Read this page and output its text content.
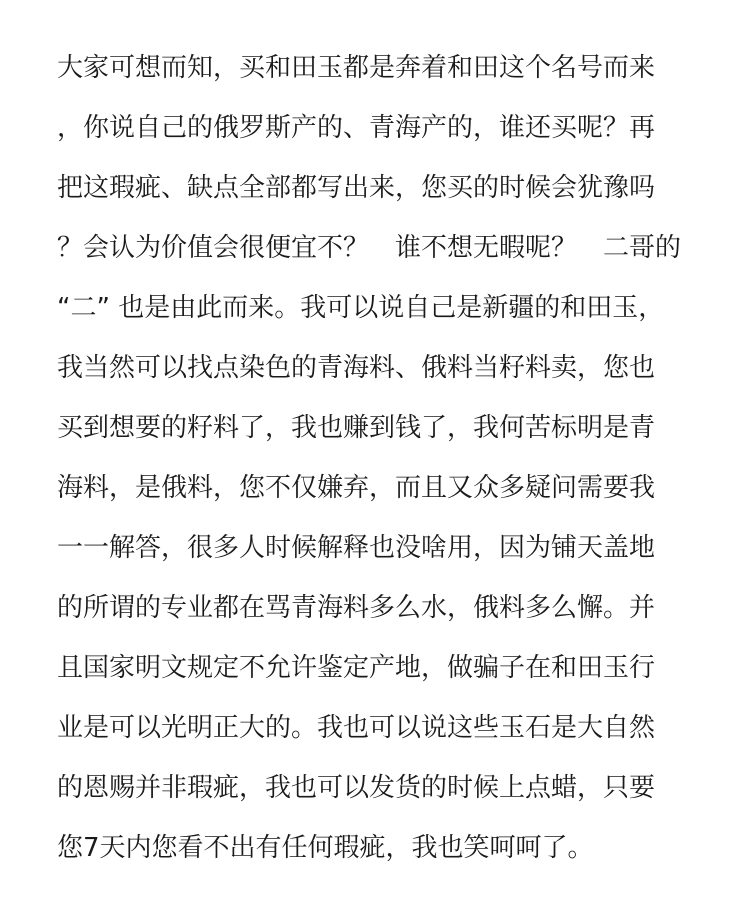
大家可想而知，买和田玉都是奔着和田这个名号而来
，你说自己的俄罗斯产的、青海产的，谁还买呢？再
把这瑕疵、缺点全部都写出来，您买的时候会犹豫吗
？会认为价值会很便宜不？　谁不想无暇呢？　二哥的
“二” 也是由此而来。我可以说自己是新疆的和田玉，
我当然可以找点染色的青海料、俄料当籽料卖，您也
买到想要的籽料了，我也赚到钱了，我何苦标明是青
海料，是俄料，您不仅嫌弃，而且又众多疑问需要我
一一解答，很多人时候解释也没啥用，因为铺天盖地
的所谓的专业都在骂青海料多么水，俄料多么懈。并
且国家明文规定不允许鉴定产地，做骗子在和田玉行
业是可以光明正大的。我也可以说这些玉石是大自然
的恩赐并非瑕疵，我也可以发货的时候上点蜡，只要
您7天内您看不出有任何瑕疵，我也笑呵呵了。
